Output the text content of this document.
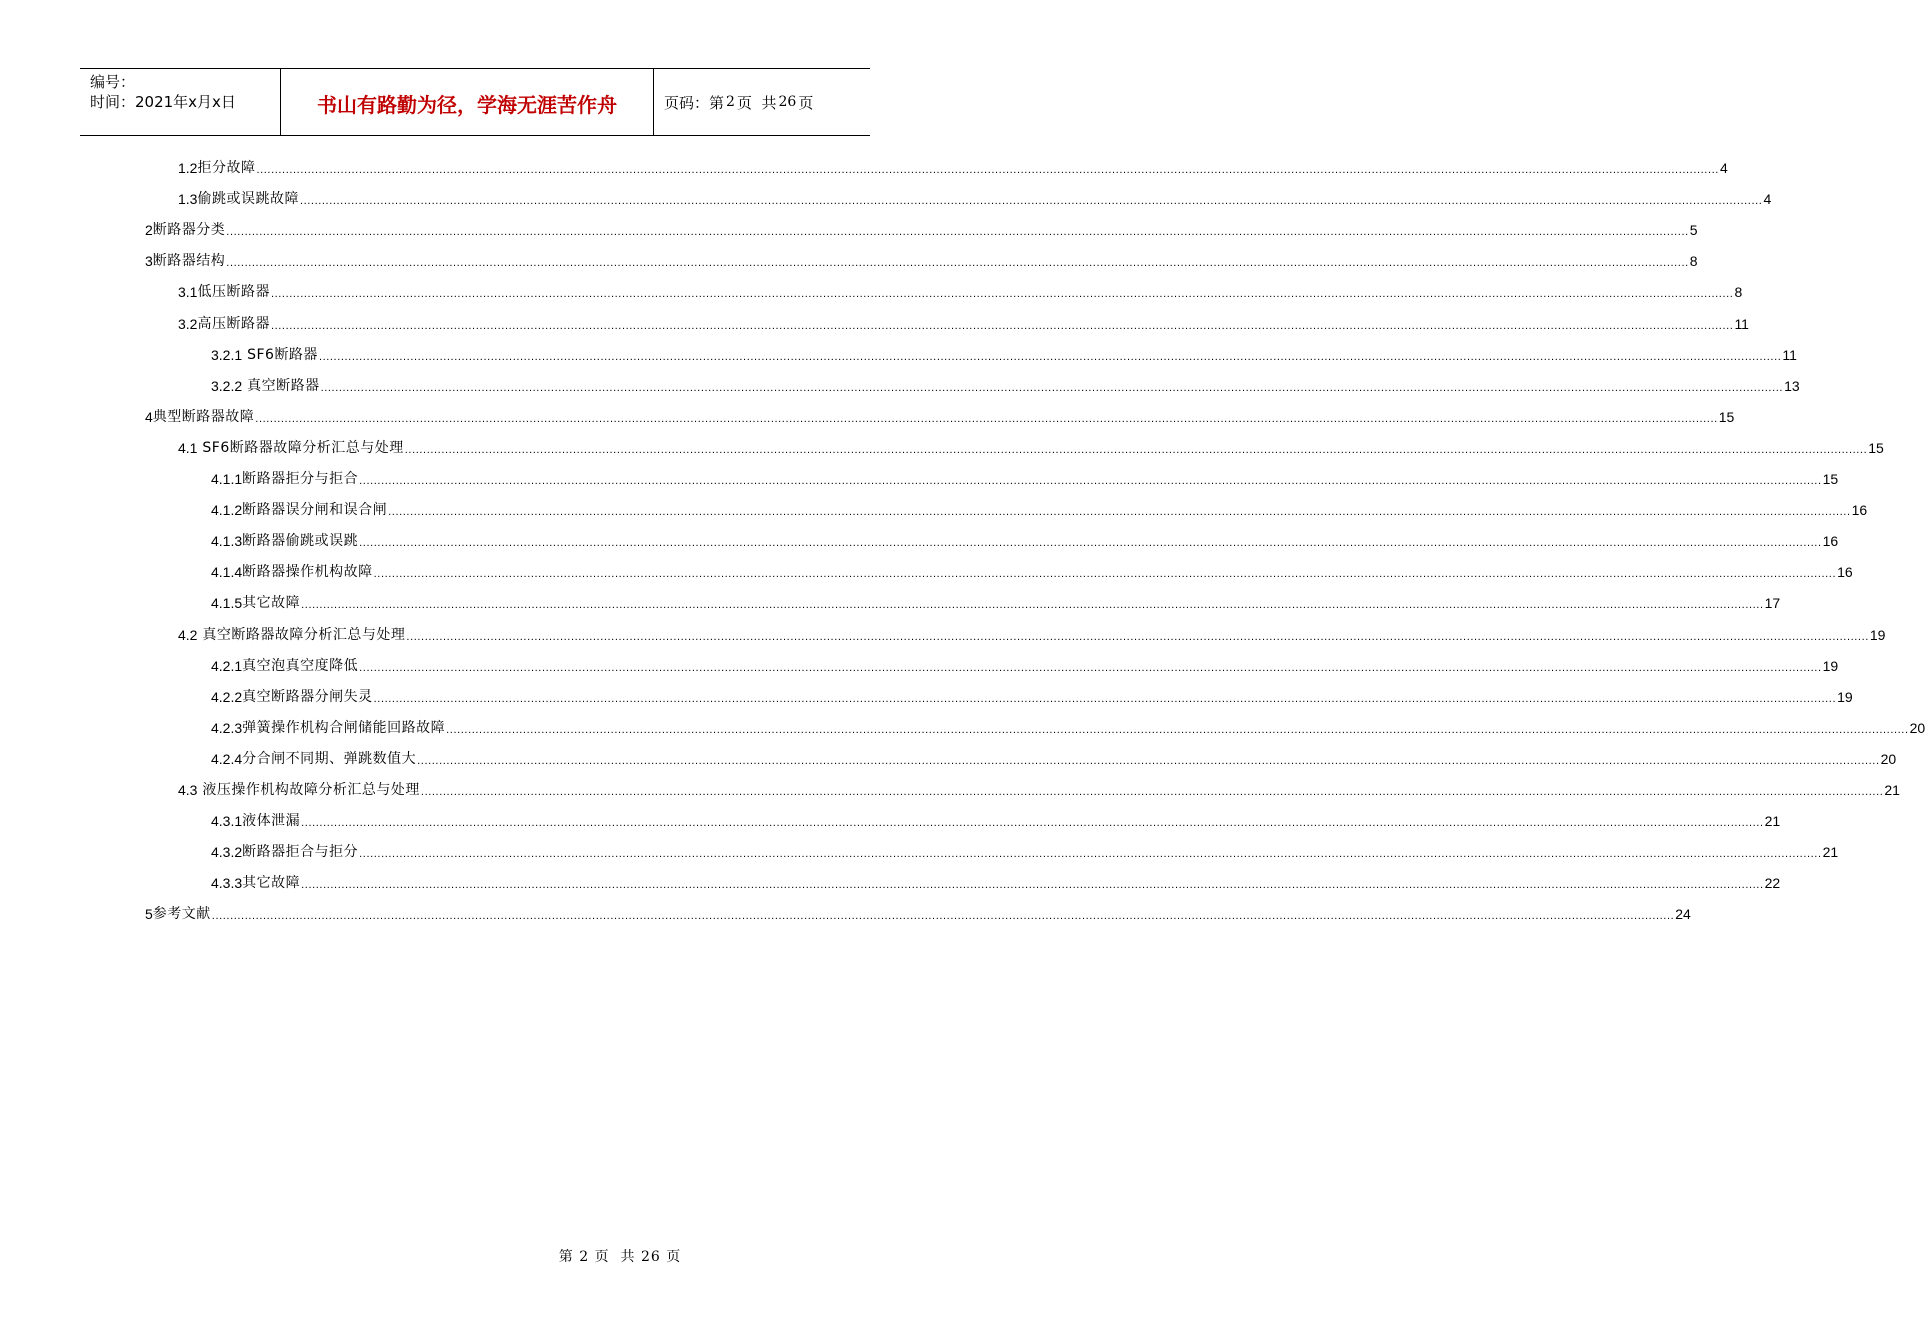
编号：
时间：2021年x月x日	书山有路勤为径，学海无涯苦作舟	页码：第 2 页  共 26 页
1.2 拒分故障 ................................................................................................................................................................................................................................................................................................................................................................................................................ 4
1.3 偷跳或误跳故障 ................................................................................................................................................................................................................................................................................................................................................................................................................ 4
2 断路器分类 ................................................................................................................................................................................................................................................................................................................................................................................................................ 5
3 断路器结构 ................................................................................................................................................................................................................................................................................................................................................................................................................ 8
3.1 低压断路器 ................................................................................................................................................................................................................................................................................................................................................................................................................ 8
3.2 高压断路器 ................................................................................................................................................................................................................................................................................................................................................................................................................ 11
3.2.1 SF6断路器 ................................................................................................................................................................................................................................................................................................................................................................................................................ 11
3.2.2 真空断路器 ................................................................................................................................................................................................................................................................................................................................................................................................................ 13
4 典型断路器故障 ................................................................................................................................................................................................................................................................................................................................................................................................................ 15
4.1 SF6断路器故障分析汇总与处理 ................................................................................................................................................................................................................................................................................................................................................................................................................ 15
4.1.1 断路器拒分与拒合 ................................................................................................................................................................................................................................................................................................................................................................................................................ 15
4.1.2 断路器误分闸和误合闸 ................................................................................................................................................................................................................................................................................................................................................................................................................ 16
4.1.3 断路器偷跳或误跳 ................................................................................................................................................................................................................................................................................................................................................................................................................ 16
4.1.4 断路器操作机构故障 ................................................................................................................................................................................................................................................................................................................................................................................................................ 16
4.1.5 其它故障 ................................................................................................................................................................................................................................................................................................................................................................................................................ 17
4.2 真空断路器故障分析汇总与处理 ................................................................................................................................................................................................................................................................................................................................................................................................................ 19
4.2.1 真空泡真空度降低 ................................................................................................................................................................................................................................................................................................................................................................................................................ 19
4.2.2 真空断路器分闸失灵 ................................................................................................................................................................................................................................................................................................................................................................................................................ 19
4.2.3 弹簧操作机构合闸储能回路故障 ................................................................................................................................................................................................................................................................................................................................................................................................................ 20
4.2.4 分合闸不同期、弹跳数值大 ................................................................................................................................................................................................................................................................................................................................................................................................................ 20
4.3 液压操作机构故障分析汇总与处理 ................................................................................................................................................................................................................................................................................................................................................................................................................ 21
4.3.1 液体泄漏 ................................................................................................................................................................................................................................................................................................................................................................................................................ 21
4.3.2 断路器拒合与拒分 ................................................................................................................................................................................................................................................................................................................................................................................................................ 21
4.3.3 其它故障 ................................................................................................................................................................................................................................................................................................................................................................................................................ 22
5 参考文献 ................................................................................................................................................................................................................................................................................................................................................................................................................ 24
第 2 页  共 26 页
